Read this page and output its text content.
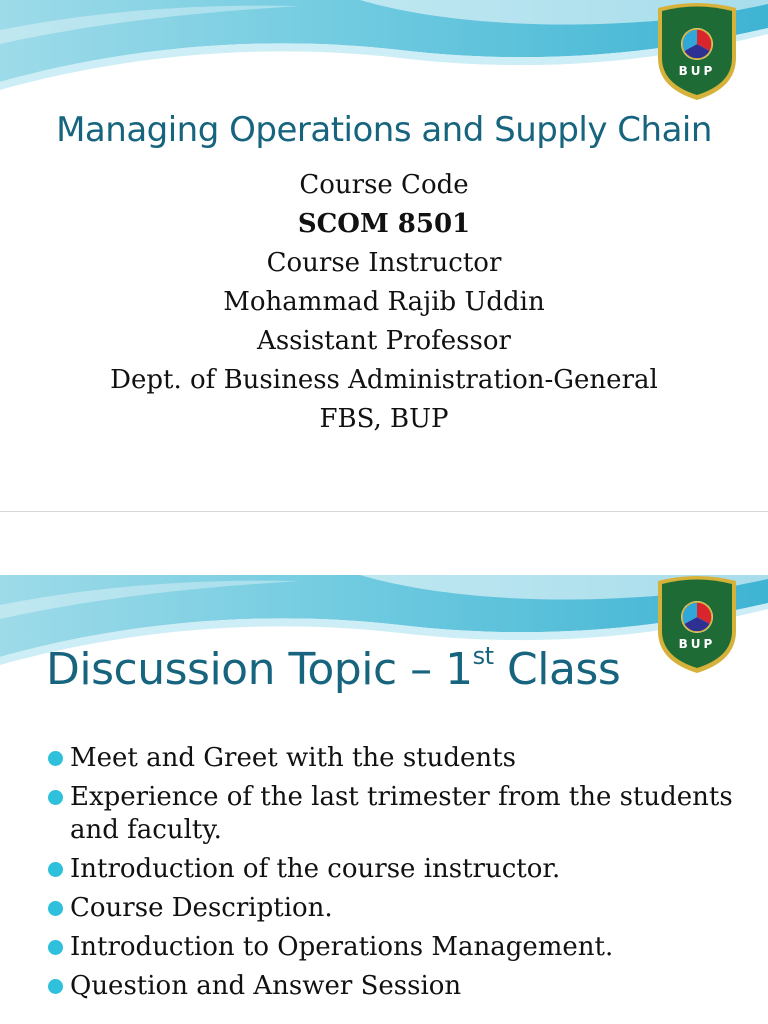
Managing Operations and Supply Chain
Course Code
SCOM 8501
Course Instructor
Mohammad Rajib Uddin
Assistant Professor
Dept. of Business Administration-General
FBS, BUP
Discussion Topic – 1st Class
Meet and Greet with the students
Experience of the last trimester from the students and faculty.
Introduction of the course instructor.
Course Description.
Introduction to Operations Management.
Question and Answer Session
